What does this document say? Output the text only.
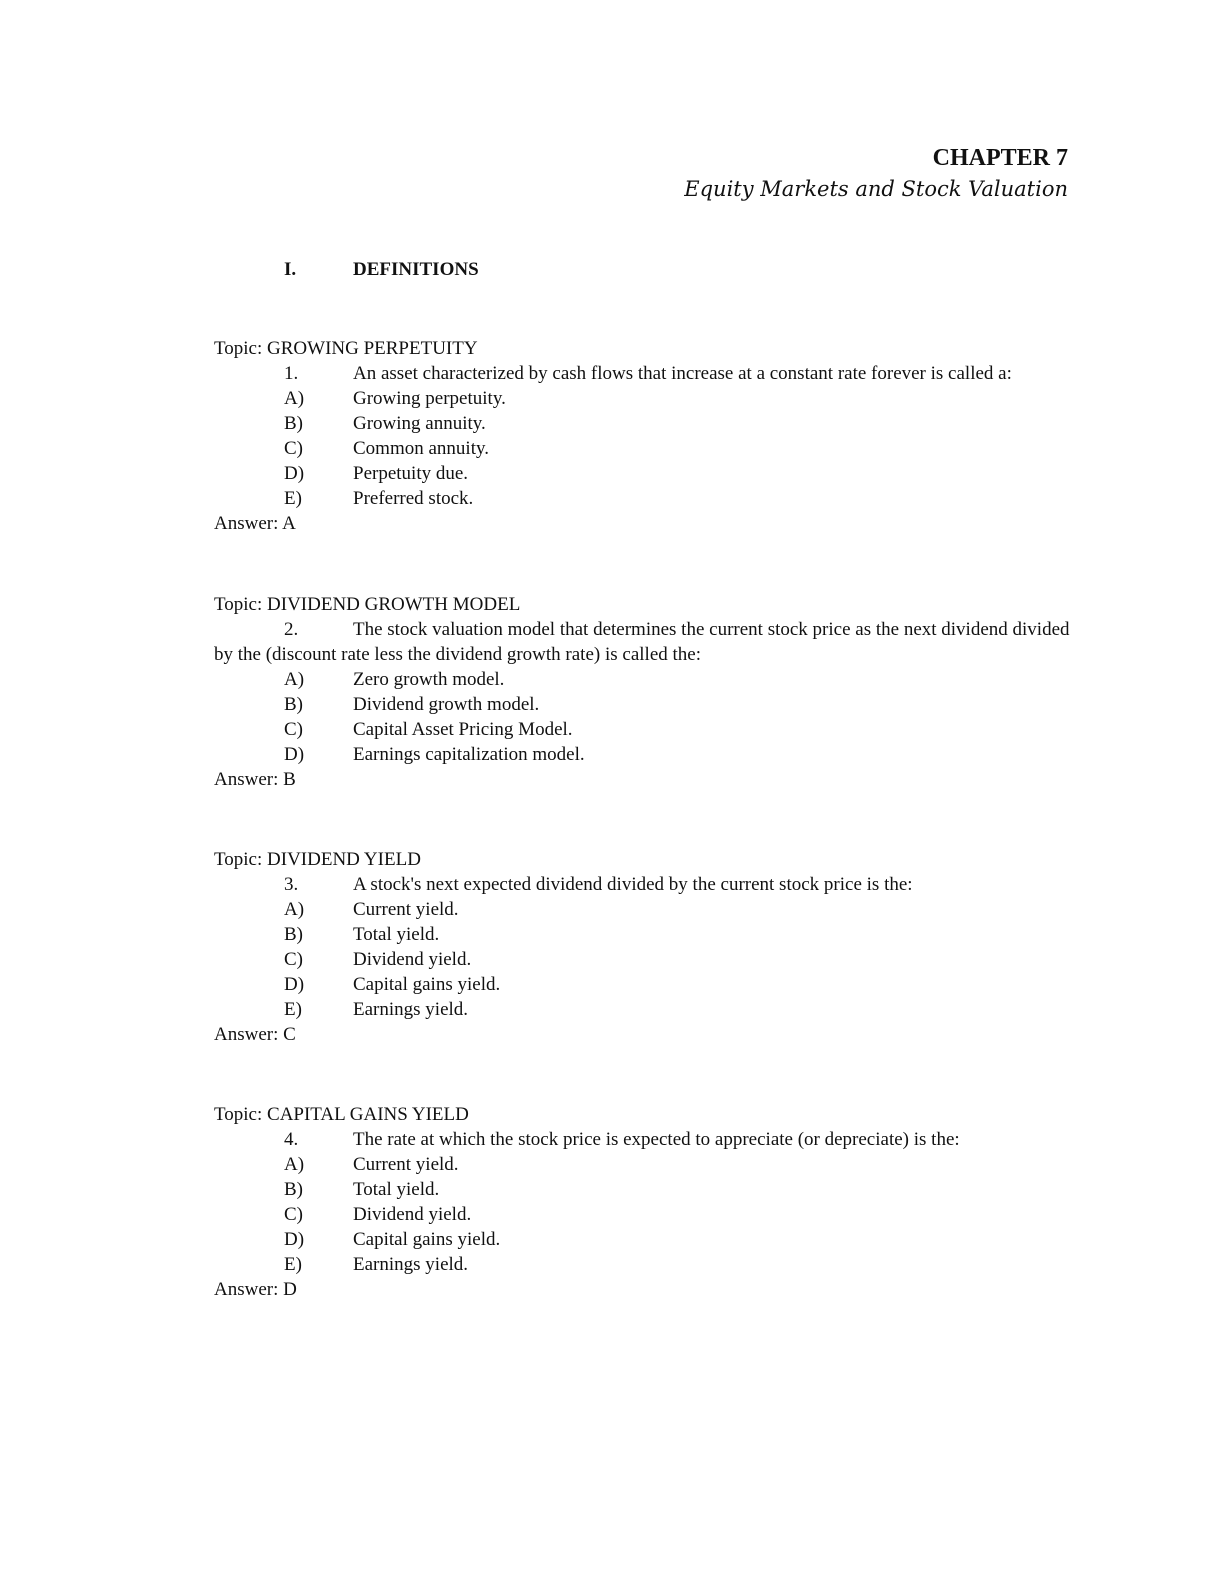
CHAPTER 7
Equity Markets and Stock Valuation
I.	DEFINITIONS
Topic: GROWING PERPETUITY
1.	An asset characterized by cash flows that increase at a constant rate forever is called a:
A)	Growing perpetuity.
B)	Growing annuity.
C)	Common annuity.
D)	Perpetuity due.
E)	Preferred stock.
Answer: A
Topic: DIVIDEND GROWTH MODEL
2.	The stock valuation model that determines the current stock price as the next dividend divided by the (discount rate less the dividend growth rate) is called the:
A)	Zero growth model.
B)	Dividend growth model.
C)	Capital Asset Pricing Model.
D)	Earnings capitalization model.
Answer: B
Topic: DIVIDEND YIELD
3.	A stock's next expected dividend divided by the current stock price is the:
A)	Current yield.
B)	Total yield.
C)	Dividend yield.
D)	Capital gains yield.
E)	Earnings yield.
Answer: C
Topic: CAPITAL GAINS YIELD
4.	The rate at which the stock price is expected to appreciate (or depreciate) is the:
A)	Current yield.
B)	Total yield.
C)	Dividend yield.
D)	Capital gains yield.
E)	Earnings yield.
Answer: D
